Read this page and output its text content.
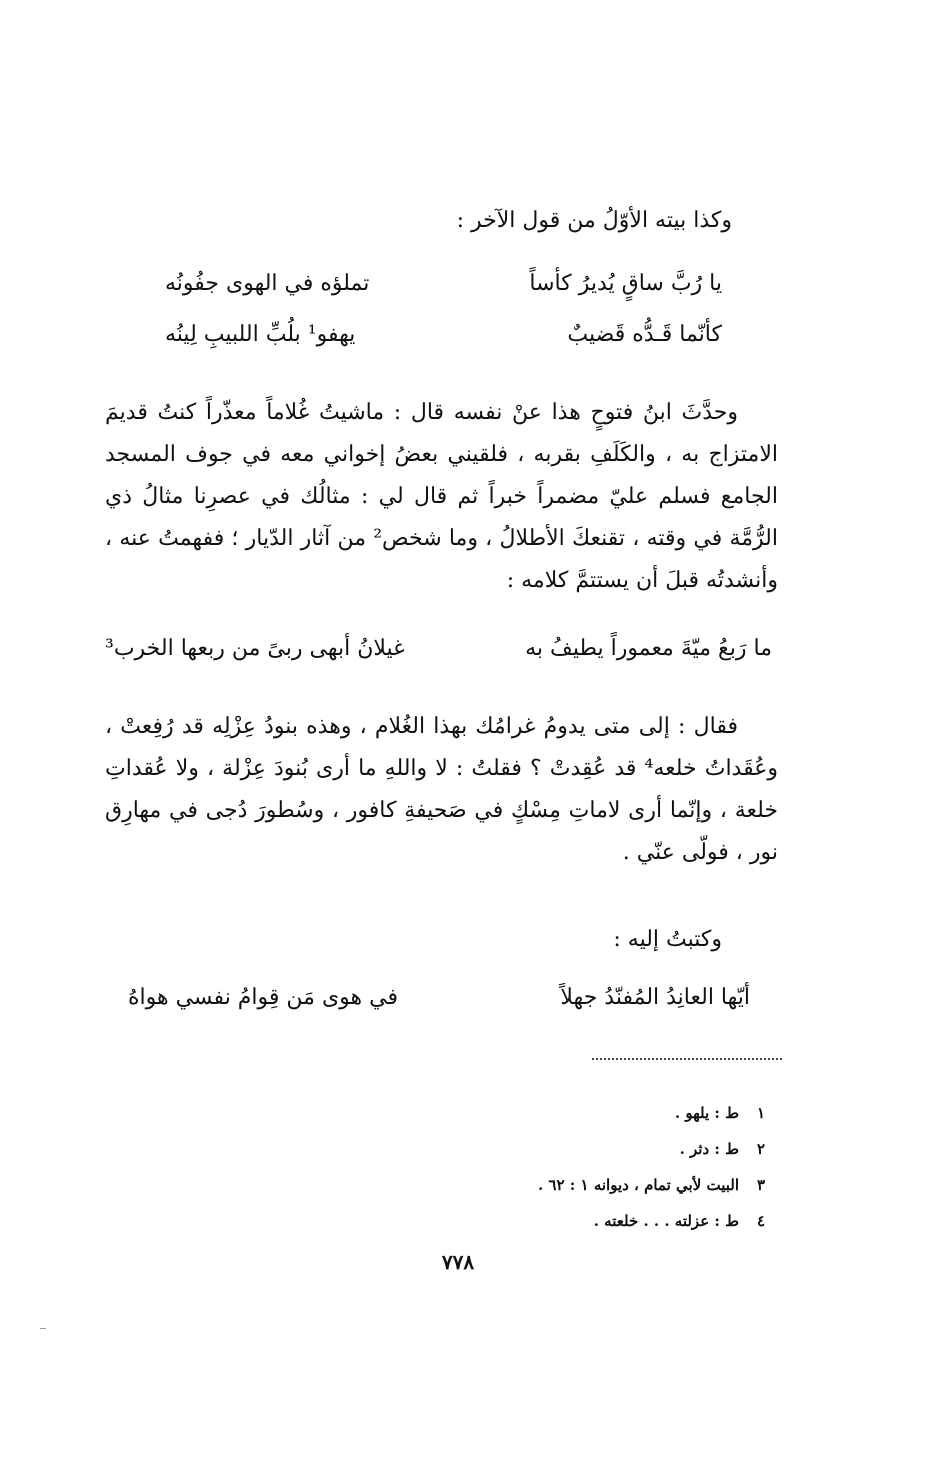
وكذا بيته الأوّلُ من قول الآخر :
يا رُبَّ ساقٍ يُديرُ كأساً
تملؤه في الهوى جفُونُه
كأنّما قَـدُّه قَضيبٌ
يهفو¹ بلُبِّ اللبيبِ لِينُه
وحدَّثَ ابنُ فتوحٍ هذا عنْ نفسه قال : ماشيتُ غُلاماً معذّراً كنتُ قديمَ الامتزاج به ، والكَلَفِ بقربه ، فلقيني بعضُ إخواني معه في جوف المسجد الجامع فسلم عليّ مضمراً خبراً ثم قال لي : مثالُك في عصرِنا مثالُ ذي الرُّمَّة في وقته ، تقنعكَ الأطلالُ ، وما شخص² من آثار الدّيار ؛ ففهمتُ عنه ، وأنشدتُه قبلَ أن يستتمَّ كلامه :
ما رَبعُ ميّةَ معموراً يطيفُ به
غيلانُ أبهى ربىً من ربعها الخرب³
فقال : إلى متى يدومُ غرامُك بهذا الغُلام ، وهذه بنودُ عِزْلِه قد رُفِعتْ ، وعُقَداتُ خلعه⁴ قد عُقِدتْ ؟ فقلتُ : لا واللهِ ما أرى بُنودَ عِزْلة ، ولا عُقداتِ خلعة ، وإنّما أرى لاماتِ مِسْكٍ في صَحيفةِ كافور ، وسُطورَ دُجى في مهارِق نور ، فولّى عنّي .
وكتبتُ إليه :
أيّها العانِدُ المُفنّدُ جهلاً
في هوى مَن قِوامُ نفسي هواهُ
١ط : يلهو .
٢ط : دثر .
٣البيت لأبي تمام ، ديوانه ١ : ٦٢ .
٤ط : عزلته . . . خلعته .
٧٧٨
